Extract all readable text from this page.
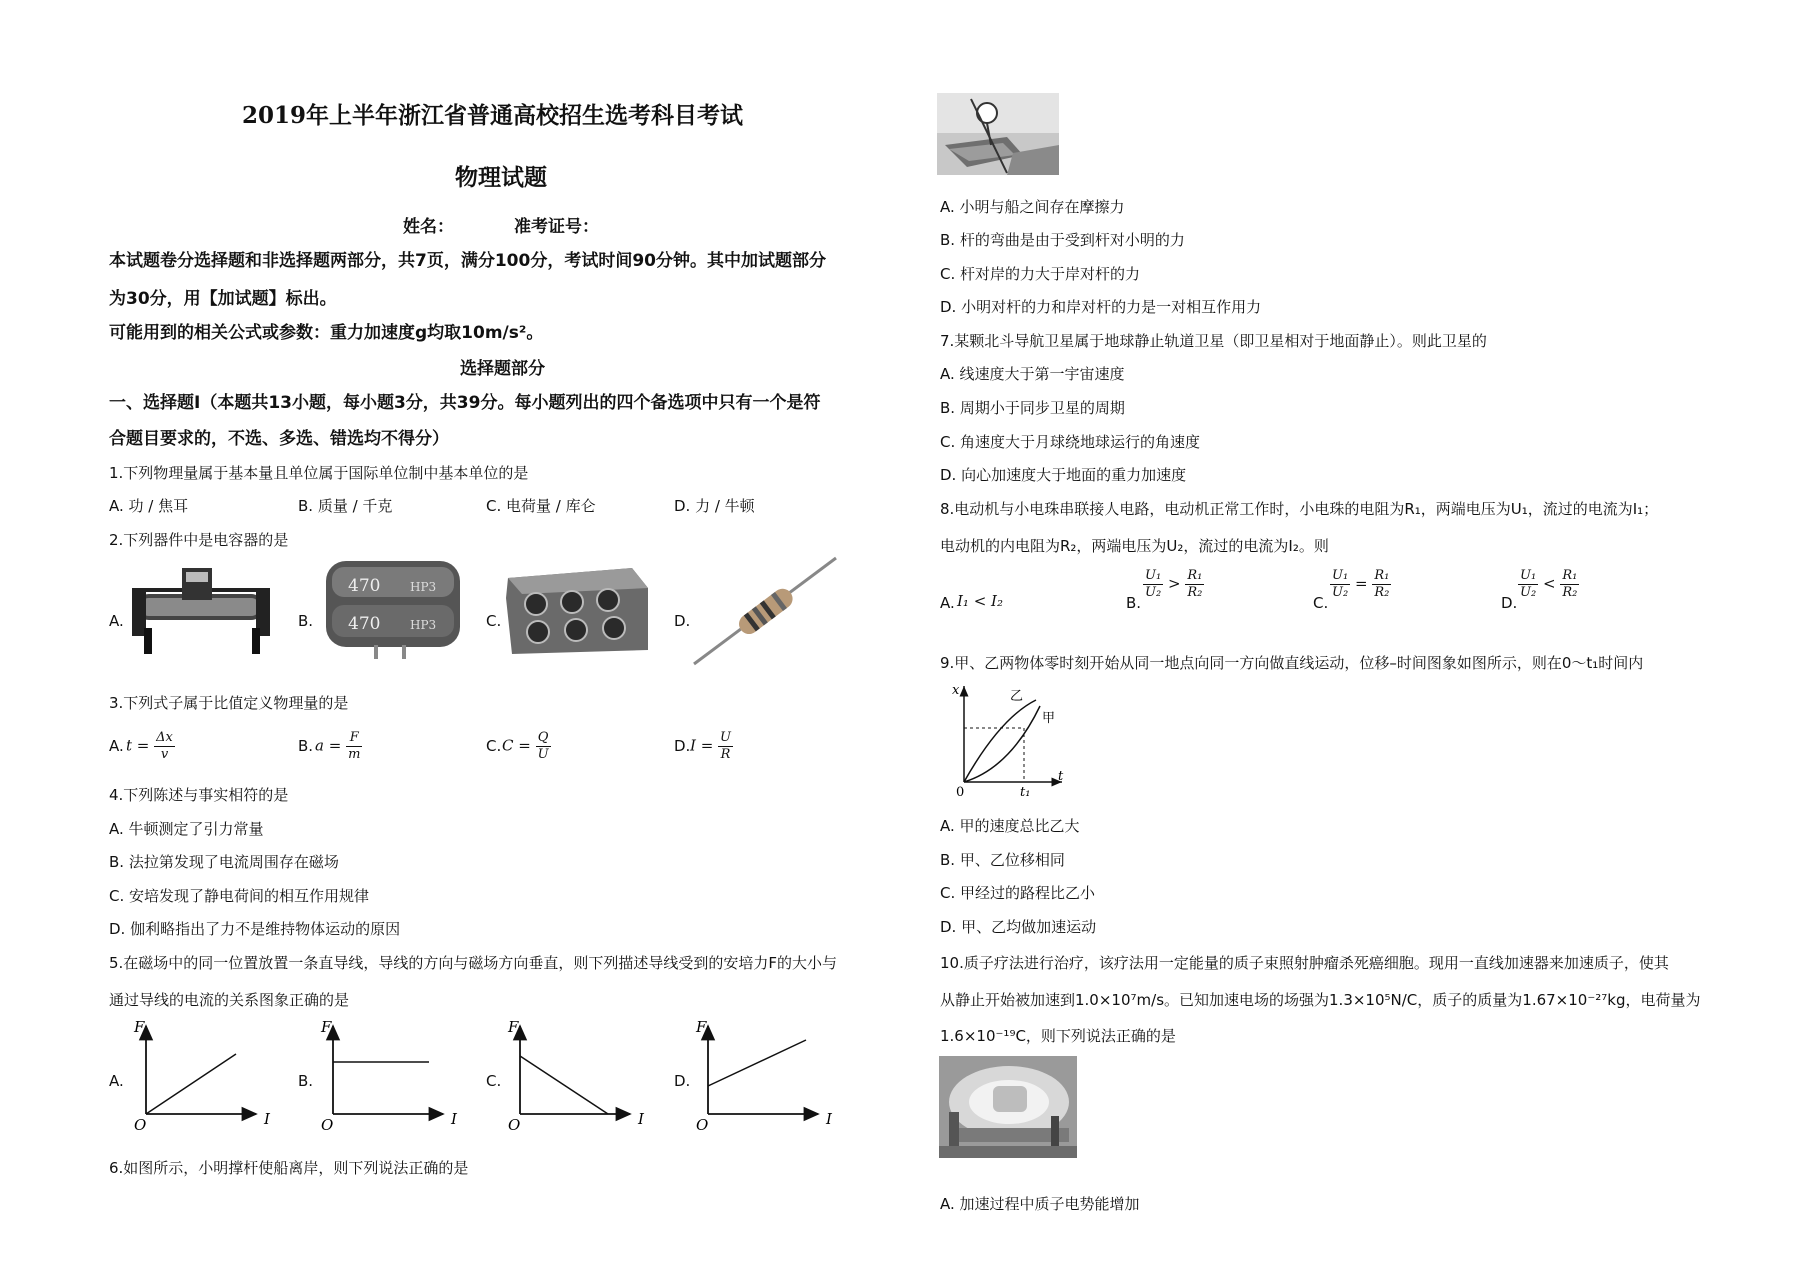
2019年上半年浙江省普通高校招生选考科目考试
物理试题
姓名：	准考证号：
本试题卷分选择题和非选择题两部分，共7页，满分100分，考试时间90分钟。其中加试题部分
为30分，用【加试题】标出。
可能用到的相关公式或参数：重力加速度g均取10m/s²。
选择题部分
一、选择题I（本题共13小题，每小题3分，共39分。每小题列出的四个备选项中只有一个是符
合题目要求的，不选、多选、错选均不得分）
1.下列物理量属于基本量且单位属于国际单位制中基本单位的是
A. 功 / 焦耳	B. 质量 / 千克	C. 电荷量 / 库仑	D. 力 / 牛顿
2.下列器件中是电容器的是
A.	B.	C.	D.
470 HP3
470 HP3
3.下列式子属于比值定义物理量的是
A. $t = \frac{\Delta x}{v}$	B. $a = \frac{F}{m}$	C. $C = \frac{Q}{U}$	D. $I = \frac{U}{R}$
4.下列陈述与事实相符的是
A. 牛顿测定了引力常量
B. 法拉第发现了电流周围存在磁场
C. 安培发现了静电荷间的相互作用规律
D. 伽利略指出了力不是维持物体运动的原因
5.在磁场中的同一位置放置一条直导线，导线的方向与磁场方向垂直，则下列描述导线受到的安培力F的大小与
通过导线的电流的关系图象正确的是
A.	B.	C.	D.
F
I
O
F
I
O
F
I
O
F
I
O
6.如图所示，小明撑杆使船离岸，则下列说法正确的是
A. 小明与船之间存在摩擦力
B. 杆的弯曲是由于受到杆对小明的力
C. 杆对岸的力大于岸对杆的力
D. 小明对杆的力和岸对杆的力是一对相互作用力
7.某颗北斗导航卫星属于地球静止轨道卫星（即卫星相对于地面静止）。则此卫星的
A. 线速度大于第一宇宙速度
B. 周期小于同步卫星的周期
C. 角速度大于月球绕地球运行的角速度
D. 向心加速度大于地面的重力加速度
8.电动机与小电珠串联接人电路，电动机正常工作时，小电珠的电阻为R₁，两端电压为U₁，流过的电流为I₁；
电动机的内电阻为R₂，两端电压为U₂，流过的电流为I₂。则
A. I₁ < I₂	B.
$\frac{\text{U₁}}{\text{U₂}} > \frac{\text{R₁}}{\text{R₂}}$
C.
$\frac{\text{U₁}}{\text{U₂}} = \frac{\text{R₁}}{\text{R₂}}$
D.
$\frac{\text{U₁}}{\text{U₂}} < \frac{\text{R₁}}{\text{R₂}}$
9.甲、乙两物体零时刻开始从同一地点向同一方向做直线运动，位移–时间图象如图所示，则在0～t₁时间内
x
t
0	t₁
乙
甲
A. 甲的速度总比乙大
B. 甲、乙位移相同
C. 甲经过的路程比乙小
D. 甲、乙均做加速运动
10.质子疗法进行治疗，该疗法用一定能量的质子束照射肿瘤杀死癌细胞。现用一直线加速器来加速质子，使其
从静止开始被加速到1.0×10⁷m/s。已知加速电场的场强为1.3×10⁵N/C，质子的质量为1.67×10⁻²⁷kg，电荷量为
1.6×10⁻¹⁹C，则下列说法正确的是
A. 加速过程中质子电势能增加
